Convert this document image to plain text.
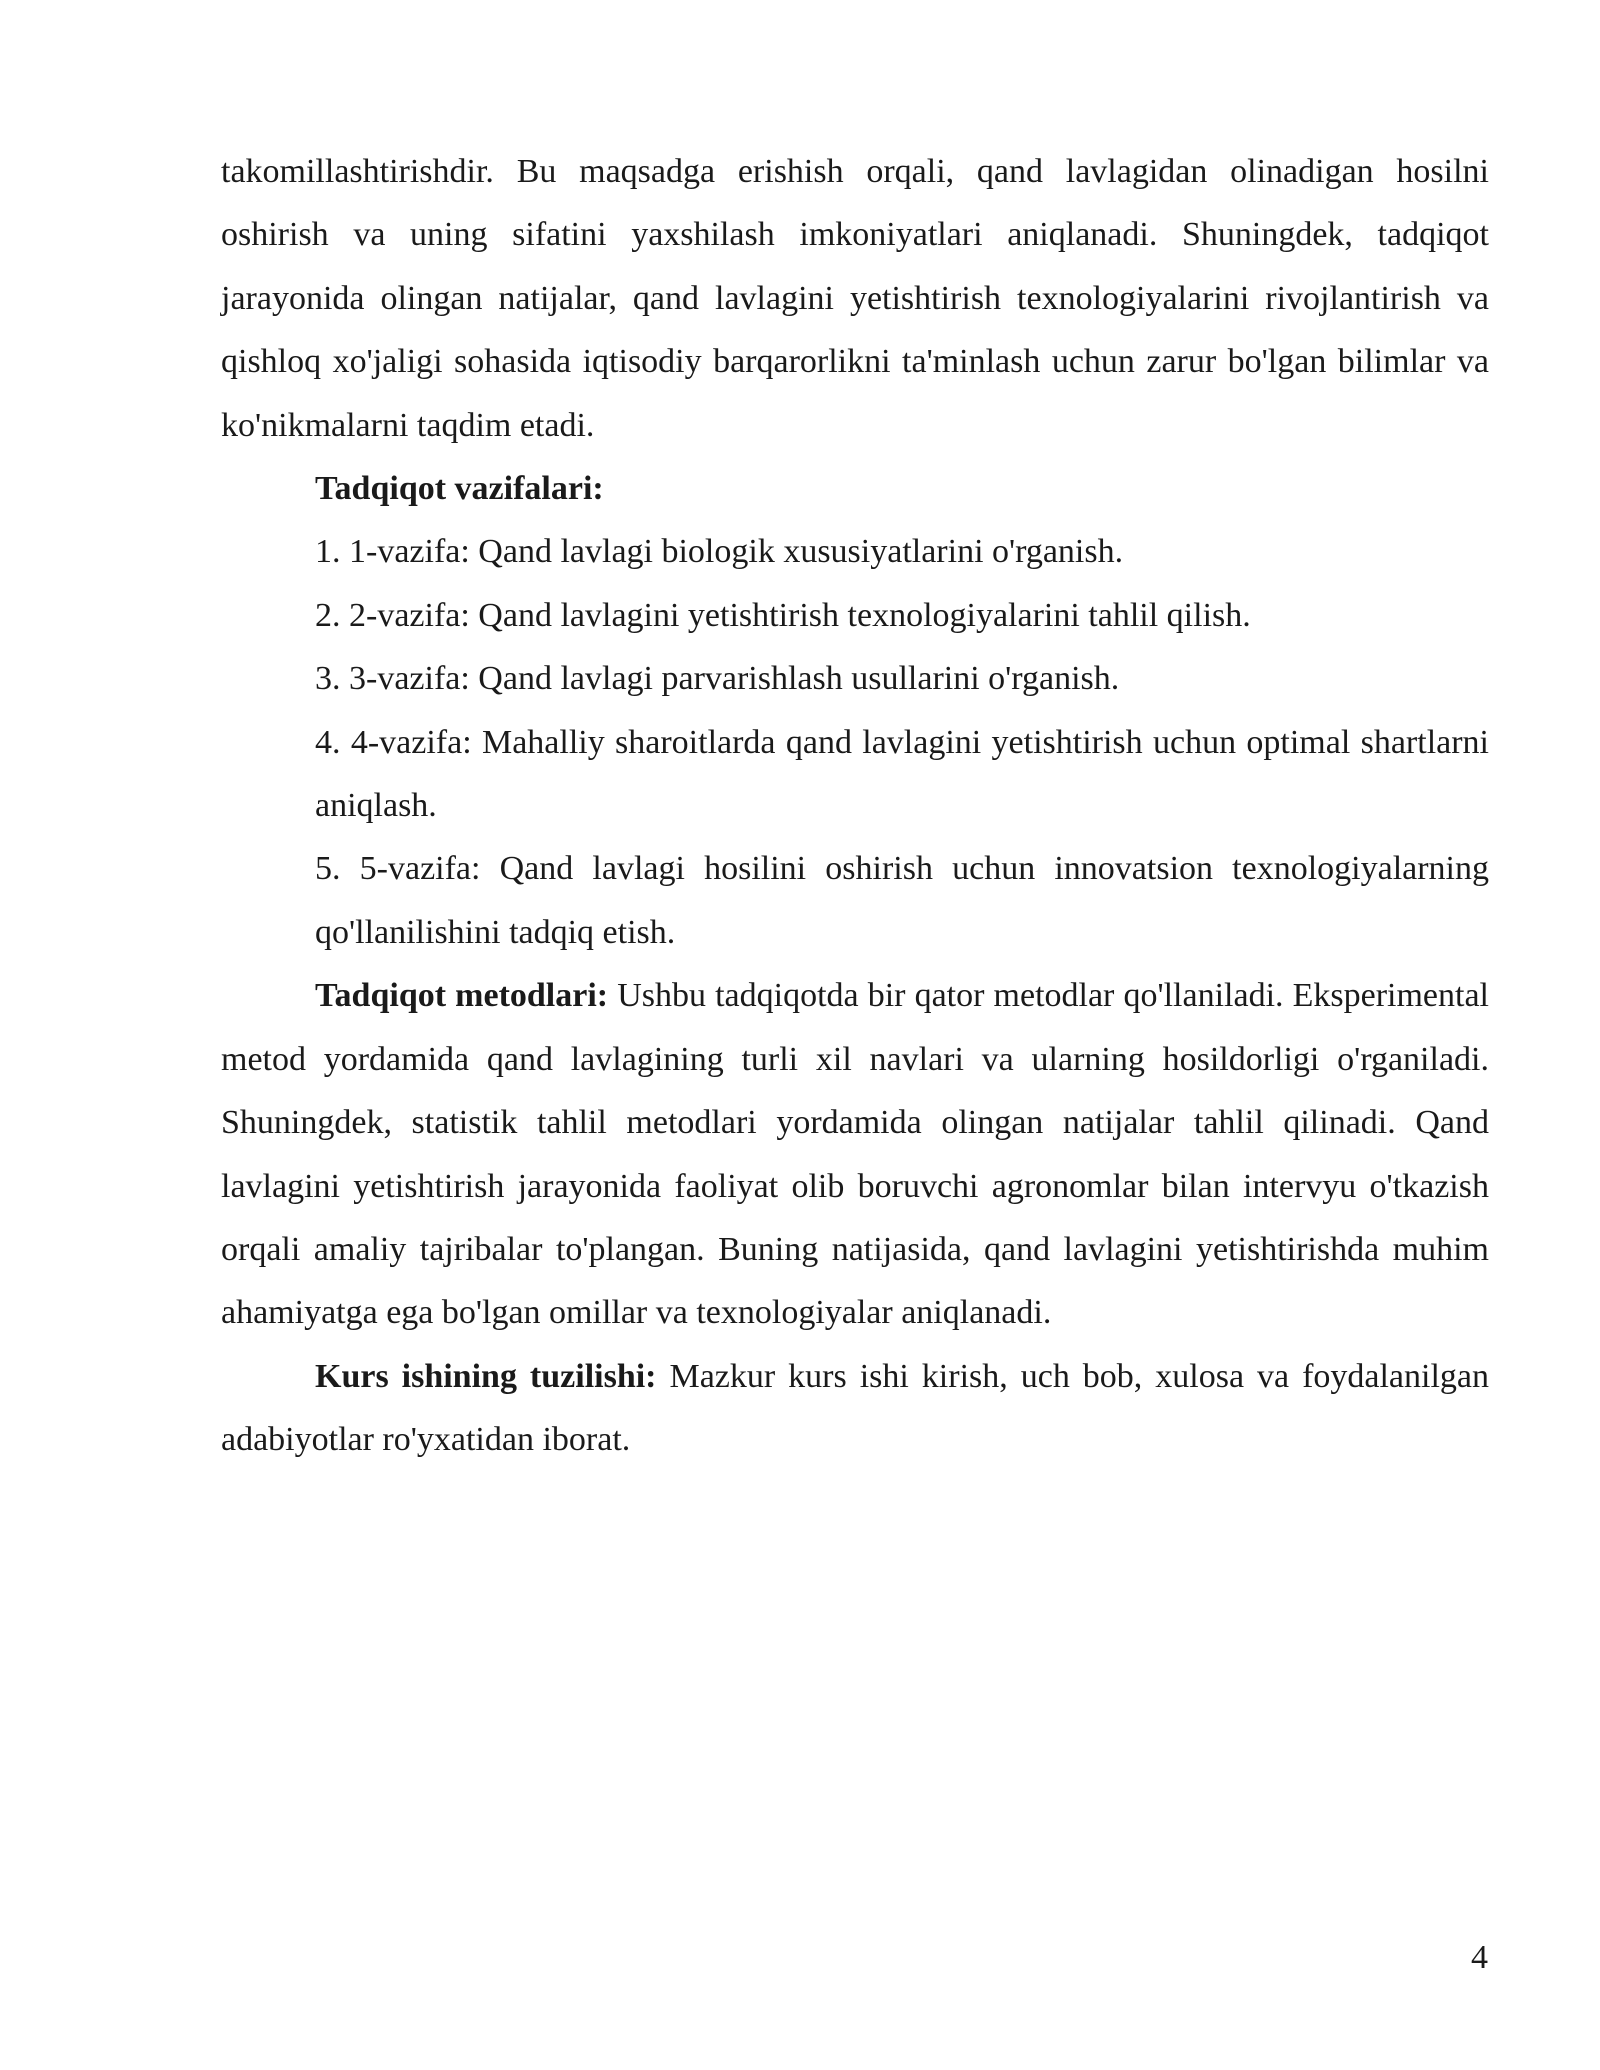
takomillashtirishdir. Bu maqsadga erishish orqali, qand lavlagidan olinadigan hosilni oshirish va uning sifatini yaxshilash imkoniyatlari aniqlanadi. Shuningdek, tadqiqot jarayonida olingan natijalar, qand lavlagini yetishtirish texnologiyalarini rivojlantirish va qishloq xo'jaligi sohasida iqtisodiy barqarorlikni ta'minlash uchun zarur bo'lgan bilimlar va ko'nikmalarni taqdim etadi.

Tadqiqot vazifalari:

1. 1-vazifa: Qand lavlagi biologik xususiyatlarini o'rganish.

2. 2-vazifa: Qand lavlagini yetishtirish texnologiyalarini tahlil qilish.

3. 3-vazifa: Qand lavlagi parvarishlash usullarini o'rganish.

4. 4-vazifa: Mahalliy sharoitlarda qand lavlagini yetishtirish uchun optimal shartlarni aniqlash.

5. 5-vazifa: Qand lavlagi hosilini oshirish uchun innovatsion texnologiyalarning qo'llanilishini tadqiq etish.

Tadqiqot metodlari: Ushbu tadqiqotda bir qator metodlar qo'llaniladi. Eksperimental metod yordamida qand lavlagining turli xil navlari va ularning hosildorligi o'rganiladi. Shuningdek, statistik tahlil metodlari yordamida olingan natijalar tahlil qilinadi. Qand lavlagini yetishtirish jarayonida faoliyat olib boruvchi agronomlar bilan intervyu o'tkazish orqali amaliy tajribalar to'plangan. Buning natijasida, qand lavlagini yetishtirishda muhim ahamiyatga ega bo'lgan omillar va texnologiyalar aniqlanadi.

Kurs ishining tuzilishi: Mazkur kurs ishi kirish, uch bob, xulosa va foydalanilgan adabiyotlar ro'yxatidan iborat.

4
